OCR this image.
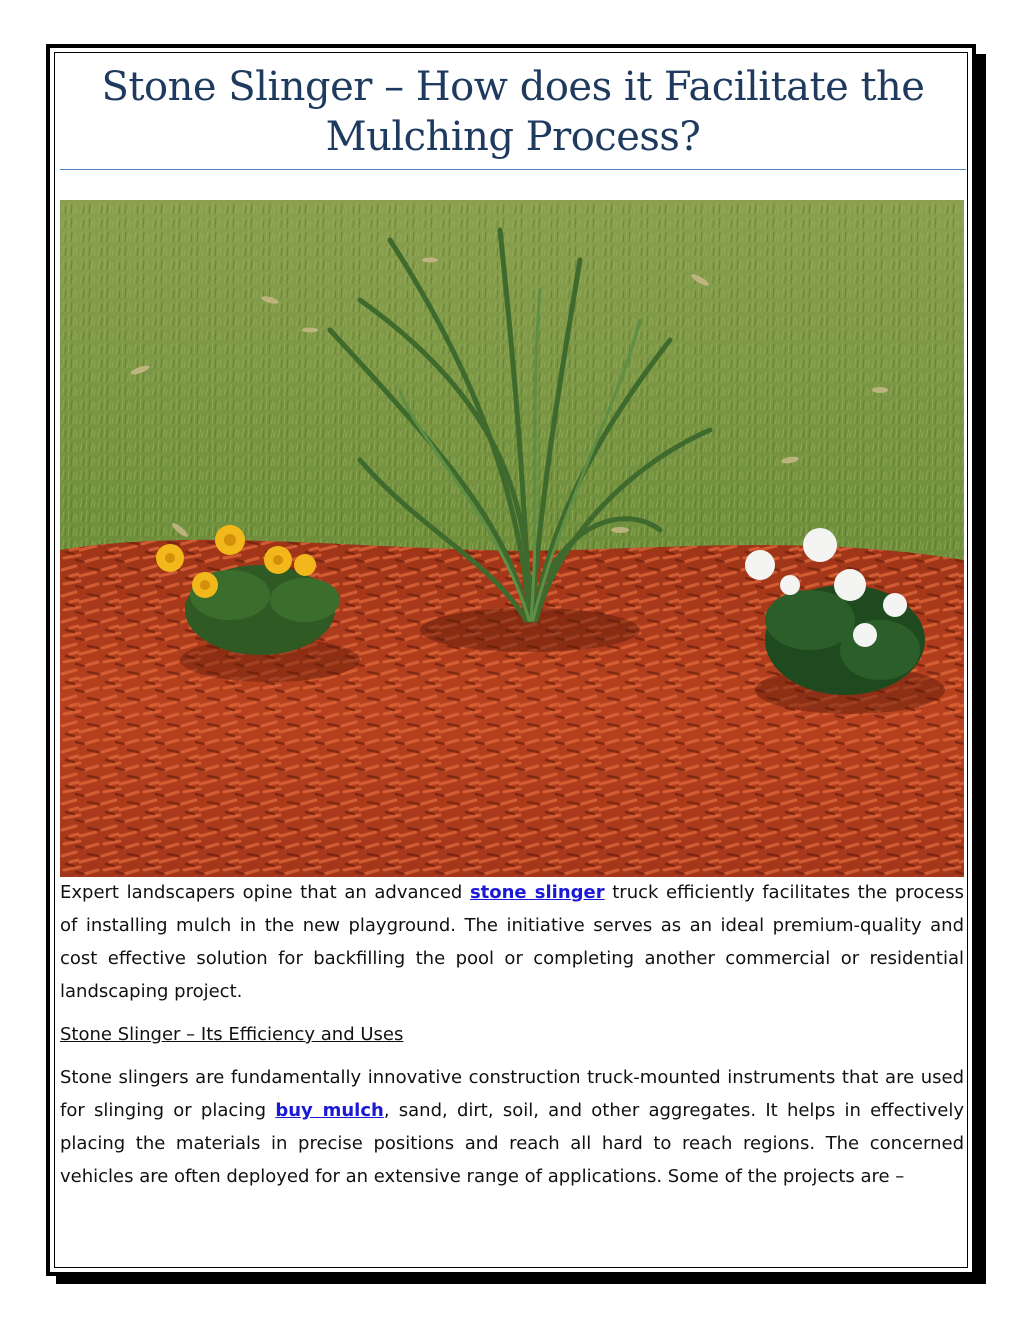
Stone Slinger – How does it Facilitate the Mulching Process?

Expert landscapers opine that an advanced stone slinger truck efficiently facilitates the process of installing mulch in the new playground. The initiative serves as an ideal premium-quality and cost effective solution for backfilling the pool or completing another commercial or residential landscaping project.

Stone Slinger – Its Efficiency and Uses

Stone slingers are fundamentally innovative construction truck-mounted instruments that are used for slinging or placing buy mulch, sand, dirt, soil, and other aggregates. It helps in effectively placing the materials in precise positions and reach all hard to reach regions. The concerned vehicles are often deployed for an extensive range of applications. Some of the projects are –
